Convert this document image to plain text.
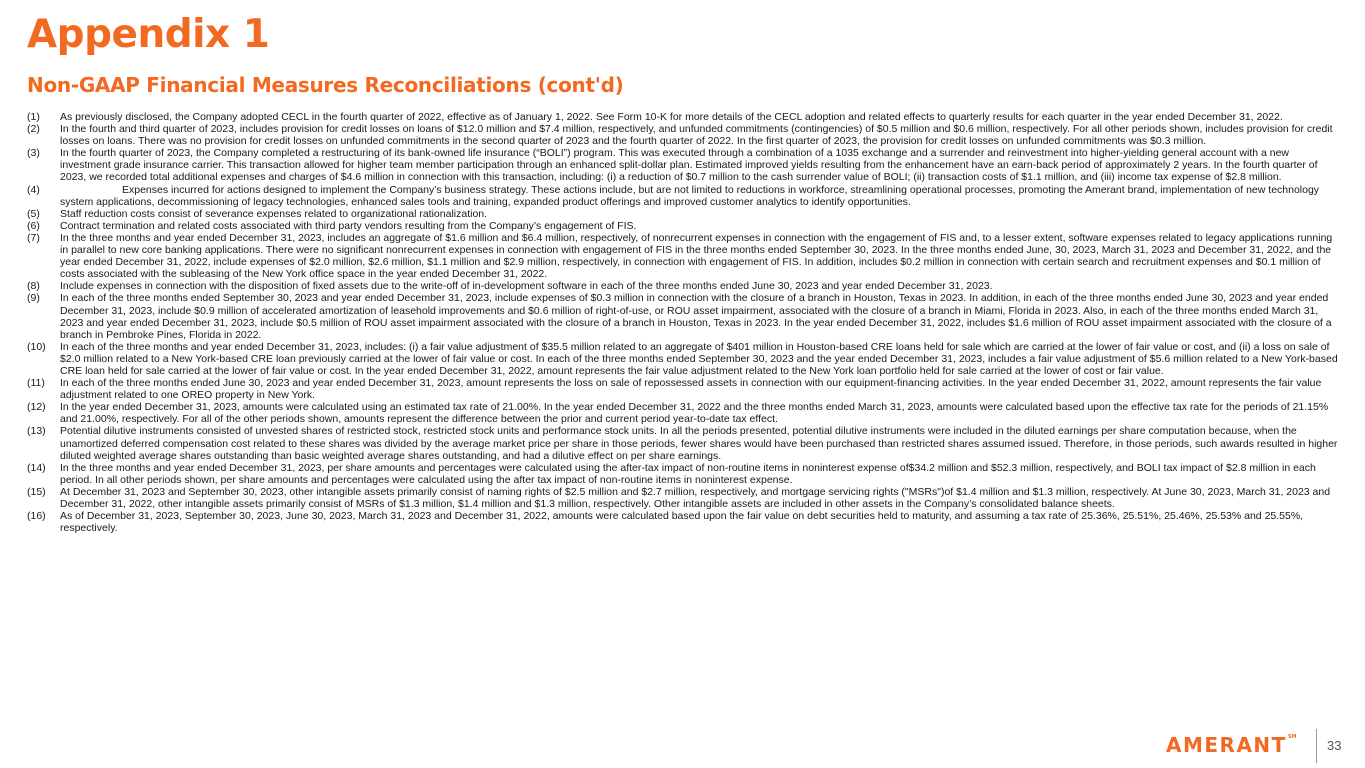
Appendix 1
Non-GAAP Financial Measures Reconciliations (cont'd)
(1)	As previously disclosed, the Company adopted CECL in the fourth quarter of 2022, effective as of January 1, 2022. See Form 10-K for more details of the CECL adoption and related effects to quarterly results for each quarter in the year ended December 31, 2022.
(2)	In the fourth and third quarter of 2023, includes provision for credit losses on loans of $12.0 million and $7.4 million, respectively, and unfunded commitments (contingencies) of $0.5 million and $0.6 million, respectively. For all other periods shown, includes provision for credit losses on loans. There was no provision for credit losses on unfunded commitments in the second quarter of 2023 and the fourth quarter of 2022. In the first quarter of 2023, the provision for credit losses on unfunded commitments was $0.3 million.
(3)	In the fourth quarter of 2023, the Company completed a restructuring of its bank-owned life insurance (“BOLI”) program. This was executed through a combination of a 1035 exchange and a surrender and reinvestment into higher-yielding general account with a new investment grade insurance carrier. This transaction allowed for higher team member participation through an enhanced split-dollar plan. Estimated improved yields resulting from the enhancement have an earn-back period of approximately 2 years. In the fourth quarter of 2023, we recorded total additional expenses and charges of $4.6 million in connection with this transaction, including: (i) a reduction of $0.7 million to the cash surrender value of BOLI; (ii) transaction costs of $1.1 million, and (iii) income tax expense of $2.8 million.
(4)	Expenses incurred for actions designed to implement the Company’s business strategy. These actions include, but are not limited to reductions in workforce, streamlining operational processes, promoting the Amerant brand, implementation of new technology system applications, decommissioning of legacy technologies, enhanced sales tools and training, expanded product offerings and improved customer analytics to identify opportunities.
(5)	Staff reduction costs consist of severance expenses related to organizational rationalization.
(6)	Contract termination and related costs associated with third party vendors resulting from the Company’s engagement of FIS.
(7)	In the three months and year ended December 31, 2023, includes an aggregate of $1.6 million and $6.4 million, respectively, of nonrecurrent expenses in connection with the engagement of FIS and, to a lesser extent, software expenses related to legacy applications running in parallel to new core banking applications. There were no significant nonrecurrent expenses in connection with engagement of FIS in the three months ended September 30, 2023. In the three months ended June, 30, 2023, March 31, 2023 and December 31, 2022, and the year ended December 31, 2022, include expenses of $2.0 million, $2.6 million, $1.1 million and $2.9 million, respectively, in connection with engagement of FIS. In addition, includes $0.2 million in connection with certain search and recruitment expenses and $0.1 million of costs associated with the subleasing of the New York office space in the year ended December 31, 2022.
(8)	Include expenses in connection with the disposition of fixed assets due to the write-off of in-development software in each of the three months ended June 30, 2023 and year ended December 31, 2023.
(9)	In each of the three months ended September 30, 2023 and year ended December 31, 2023, include expenses of $0.3 million in connection with the closure of a branch in Houston, Texas in 2023. In addition, in each of the three months ended June 30, 2023 and year ended December 31, 2023, include $0.9 million of accelerated amortization of leasehold improvements and $0.6 million of right-of-use, or ROU asset impairment, associated with the closure of a branch in Miami, Florida in 2023. Also, in each of the three months ended March 31, 2023 and year ended December 31, 2023, include $0.5 million of ROU asset impairment associated with the closure of a branch in Houston, Texas in 2023. In the year ended December 31, 2022, includes $1.6 million of ROU asset impairment associated with the closure of a branch in Pembroke Pines, Florida in 2022.
(10)	In each of the three months and year ended December 31, 2023, includes: (i) a fair value adjustment of $35.5 million related to an aggregate of $401 million in Houston-based CRE loans held for sale which are carried at the lower of fair value or cost, and (ii) a loss on sale of $2.0 million related to a New York-based CRE loan previously carried at the lower of fair value or cost. In each of the three months ended September 30, 2023 and the year ended December 31, 2023, includes a fair value adjustment of $5.6 million related to a New York-based CRE loan held for sale carried at the lower of fair value or cost. In the year ended December 31, 2022, amount represents the fair value adjustment related to the New York loan portfolio held for sale carried at the lower of cost or fair value.
(11)	In each of the three months ended June 30, 2023 and year ended December 31, 2023, amount represents the loss on sale of repossessed assets in connection with our equipment-financing activities. In the year ended December 31, 2022, amount represents the fair value adjustment related to one OREO property in New York.
(12)	In the year ended December 31, 2023, amounts were calculated using an estimated tax rate of 21.00%. In the year ended December 31, 2022 and the three months ended March 31, 2023, amounts were calculated based upon the effective tax rate for the periods of 21.15% and 21.00%, respectively. For all of the other periods shown, amounts represent the difference between the prior and current period year-to-date tax effect.
(13)	Potential dilutive instruments consisted of unvested shares of restricted stock, restricted stock units and performance stock units. In all the periods presented, potential dilutive instruments were included in the diluted earnings per share computation because, when the unamortized deferred compensation cost related to these shares was divided by the average market price per share in those periods, fewer shares would have been purchased than restricted shares assumed issued. Therefore, in those periods, such awards resulted in higher diluted weighted average shares outstanding than basic weighted average shares outstanding, and had a dilutive effect on per share earnings.
(14)	In the three months and year ended December 31, 2023, per share amounts and percentages were calculated using the after-tax impact of non-routine items in noninterest expense of$34.2 million and $52.3 million, respectively, and BOLI tax impact of $2.8 million in each period. In all other periods shown, per share amounts and percentages were calculated using the after tax impact of non-routine items in noninterest expense.
(15)	At December 31, 2023 and September 30, 2023, other intangible assets primarily consist of naming rights of $2.5 million and $2.7 million, respectively, and mortgage servicing rights ("MSRs")of $1.4 million and $1.3 million, respectively. At June 30, 2023, March 31, 2023 and December 31, 2022, other intangible assets primarily consist of MSRs of $1.3 million, $1.4 million and $1.3 million, respectively. Other intangible assets are included in other assets in the Company’s consolidated balance sheets.
(16)	As of December 31, 2023, September 30, 2023, June 30, 2023, March 31, 2023 and December 31, 2022, amounts were calculated based upon the fair value on debt securities held to maturity, and assuming a tax rate of 25.36%, 25.51%, 25.46%, 25.53% and 25.55%, respectively.
AMERANT℠
33
